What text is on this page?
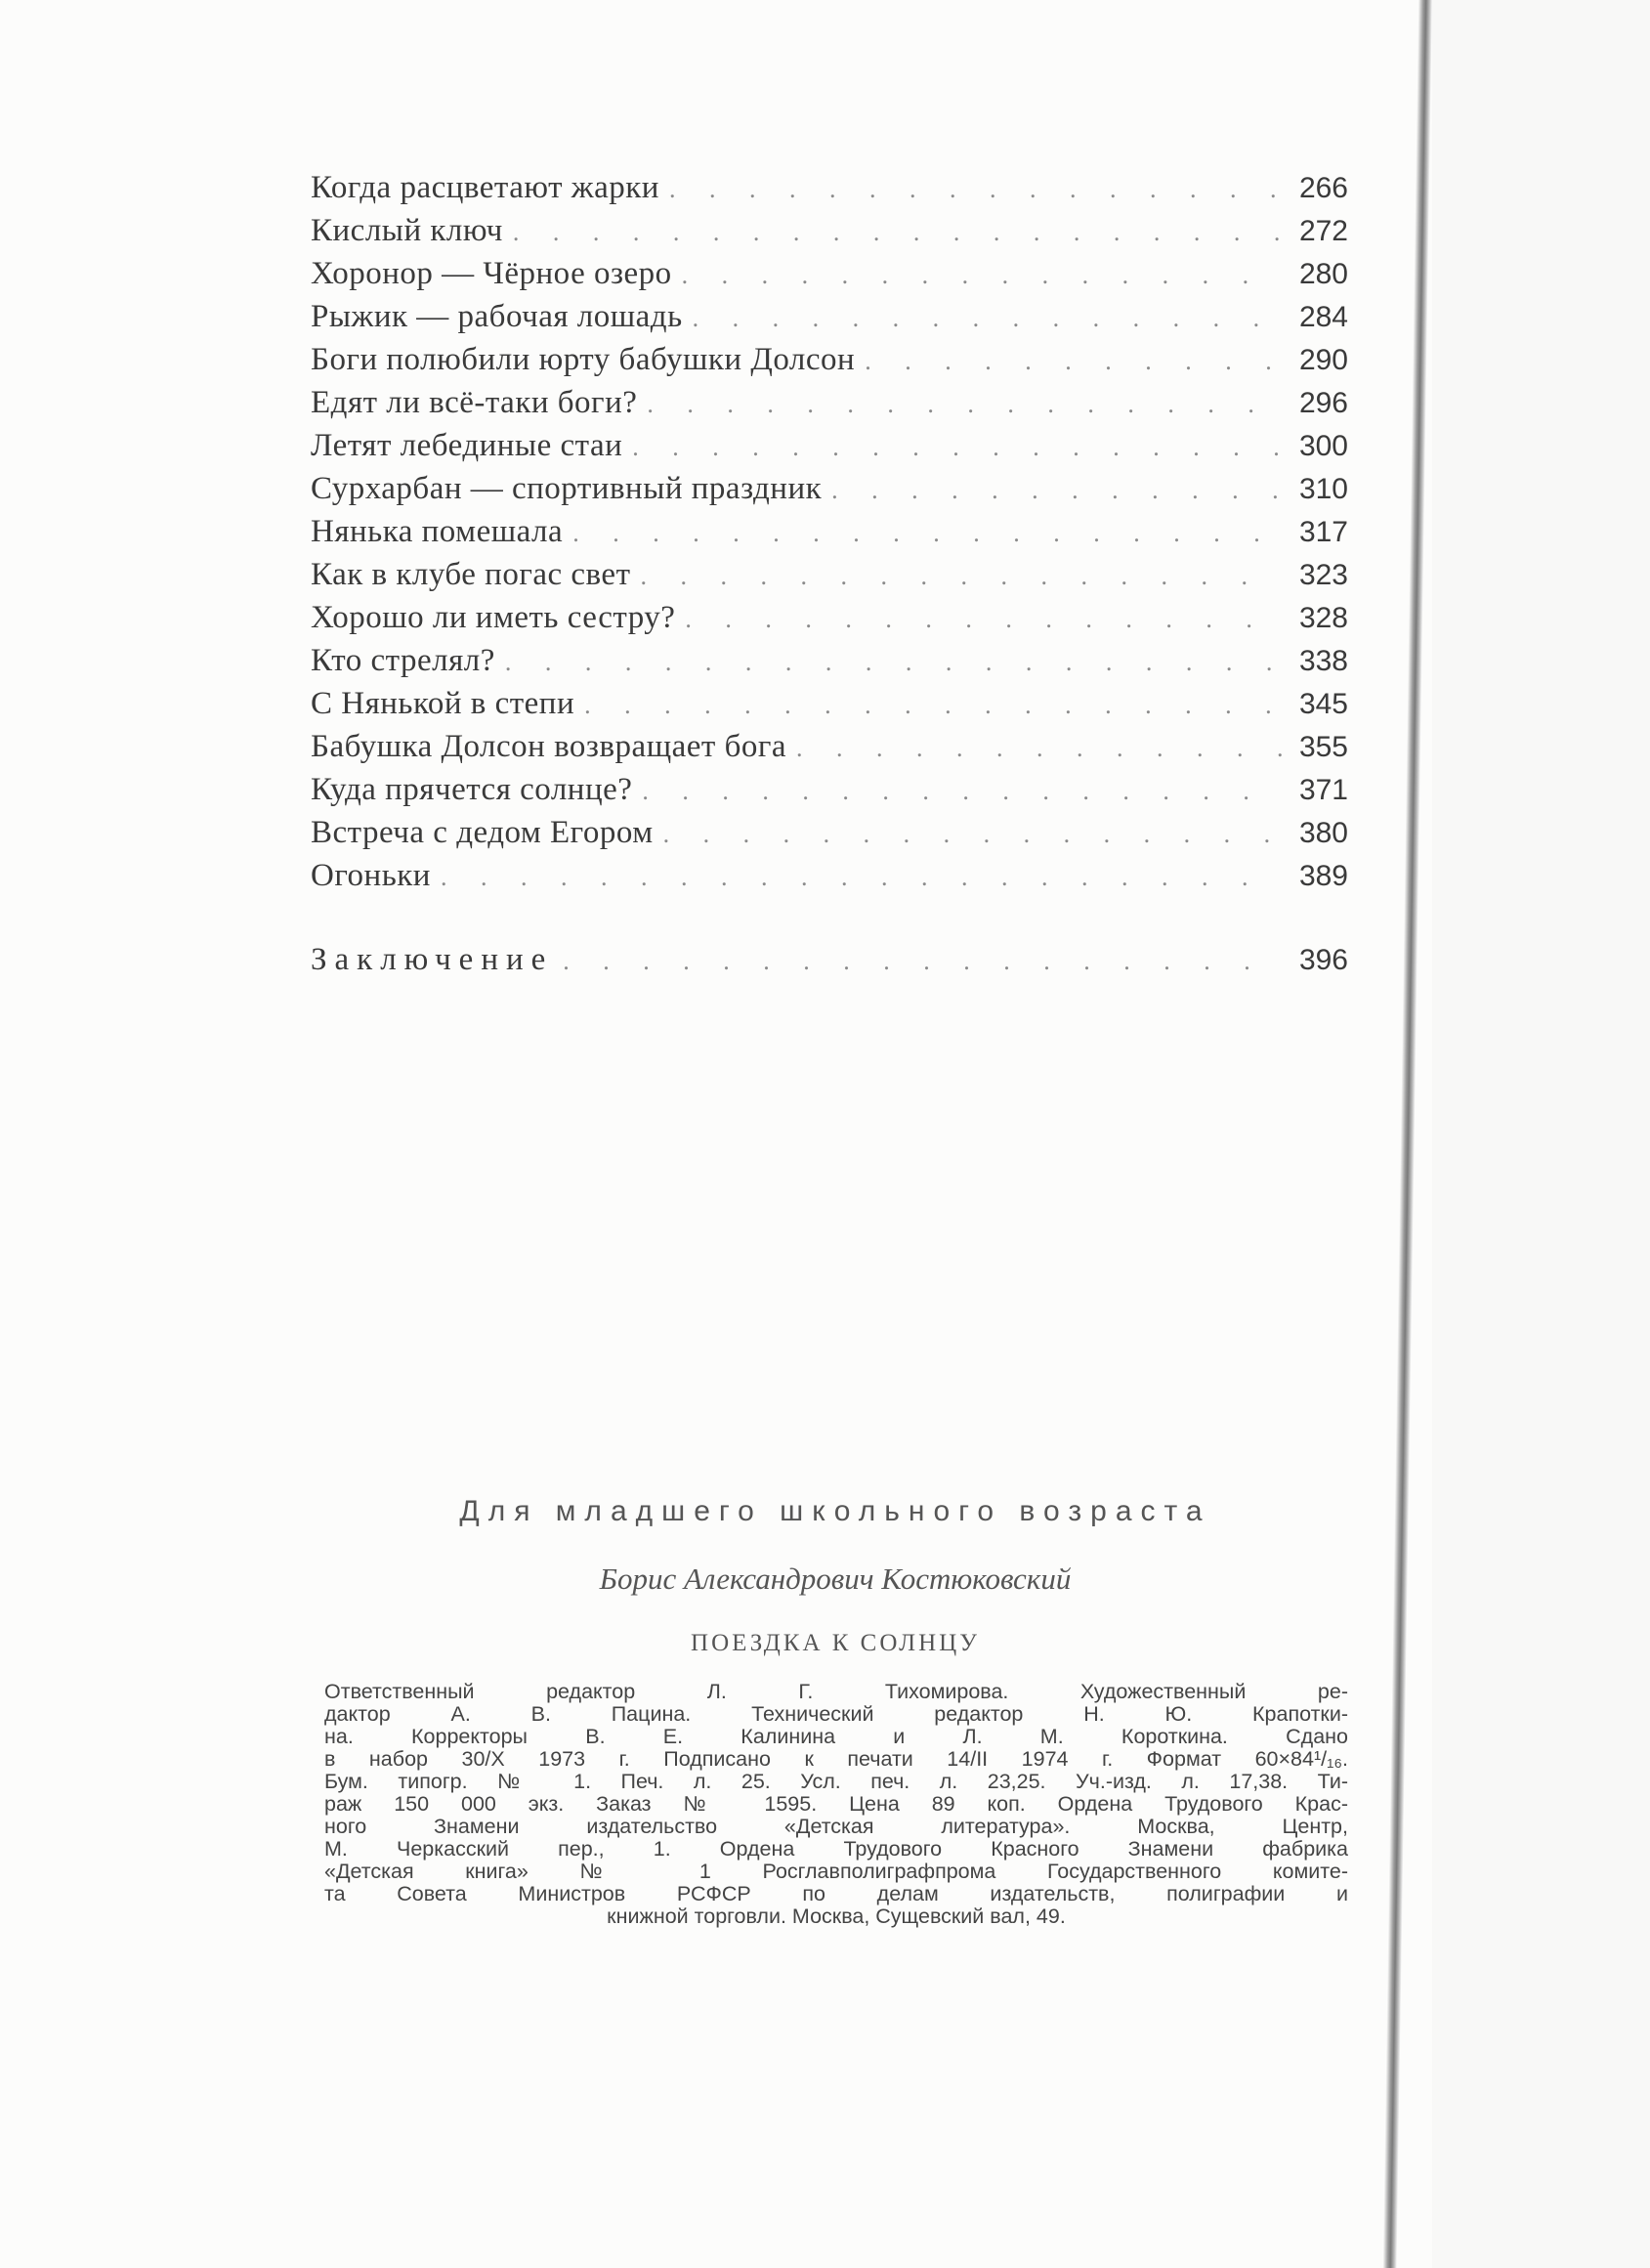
Когда расцветают жарки . . .	266
Кислый ключ . . .	272
Хоронор — Чёрное озеро . . .	280
Рыжик — рабочая лошадь . . .	284
Боги полюбили юрту бабушки Долсон . . .	290
Едят ли всё-таки боги? . . .	296
Летят лебединые стаи . . .	300
Сурхарбан — спортивный праздник . . .	310
Нянька помешала . . .	317
Как в клубе погас свет . . .	323
Хорошо ли иметь сестру? . . .	328
Кто стрелял? . . .	338
С Нянькой в степи . . .	345
Бабушка Долсон возвращает бога . . .	355
Куда прячется солнце? . . .	371
Встреча с дедом Егором . . .	380
Огоньки . . .	389
Заключение . . .	396
Для младшего школьного возраста
Борис Александрович Костюковский
ПОЕЗДКА К СОЛНЦУ
Ответственный редактор Л. Г. Тихомирова. Художественный ре-
дактор А. В. Пацина. Технический редактор Н. Ю. Крапотки-
на. Корректоры В. Е. Калинина и Л. М. Короткина. Сдано
в набор 30/X 1973 г. Подписано к печати 14/II 1974 г. Формат 60×84¹/₁₆.
Бум. типогр. № 1. Печ. л. 25. Усл. печ. л. 23,25. Уч.-изд. л. 17,38. Ти-
раж 150 000 экз. Заказ № 1595. Цена 89 коп. Ордена Трудового Крас-
ного Знамени издательство «Детская литература». Москва, Центр,
М. Черкасский пер., 1. Ордена Трудового Красного Знамени фабрика
«Детская книга» № 1 Росглавполиграфпрома Государственного комите-
та Совета Министров РСФСР по делам издательств, полиграфии и
книжной торговли. Москва, Сущевский вал, 49.
